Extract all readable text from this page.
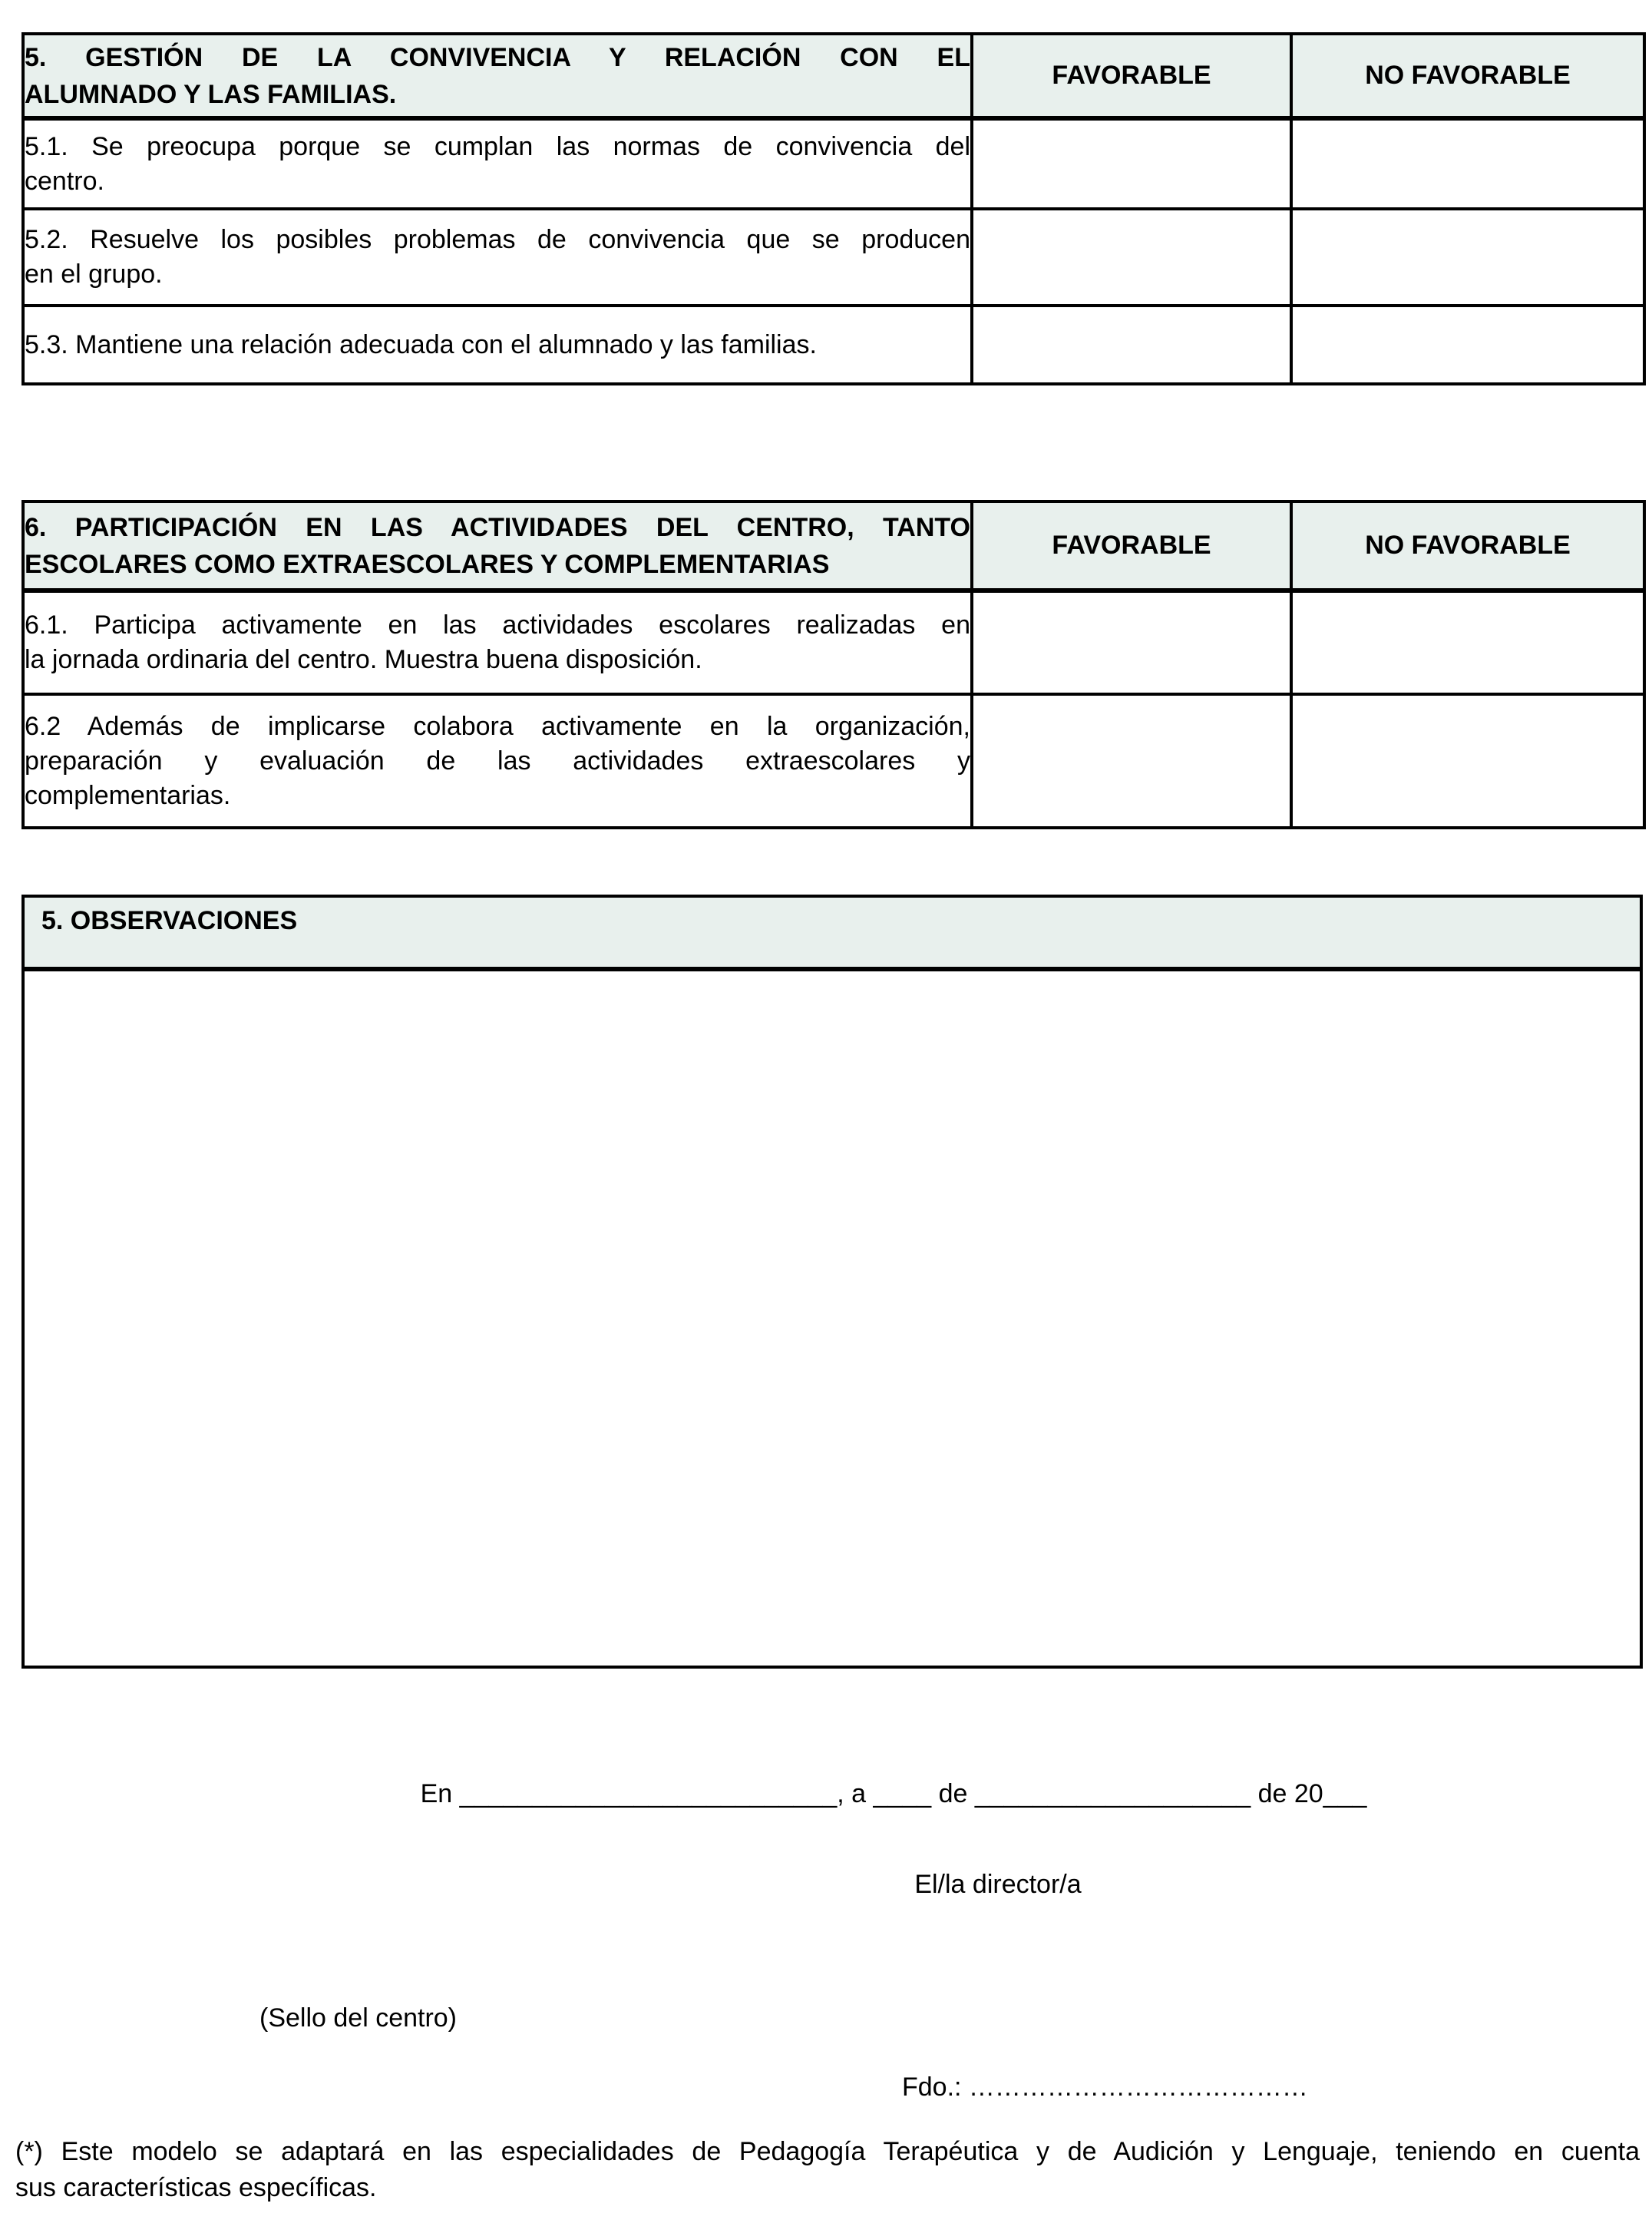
5. GESTIÓN DE LA CONVIVENCIA Y RELACIÓN CON EL
ALUMNADO Y LAS FAMILIAS.	FAVORABLE	NO FAVORABLE

5.1. Se preocupa porque se cumplan las normas de convivencia del
centro.		

5.2. Resuelve los posibles problemas de convivencia que se producen
en el grupo.		

5.3. Mantiene una relación adecuada con el alumnado y las familias.		

6. PARTICIPACIÓN EN LAS ACTIVIDADES DEL CENTRO, TANTO
ESCOLARES COMO EXTRAESCOLARES Y COMPLEMENTARIAS	FAVORABLE	NO FAVORABLE

6.1. Participa activamente en las actividades escolares realizadas en
la jornada ordinaria del centro. Muestra buena disposición.		

6.2 Además de implicarse colabora activamente en la organización,
preparación y evaluación de las actividades extraescolares y
complementarias.		

5. OBSERVACIONES
En __________________________, a ____ de ___________________ de 20___
El/la director/a
(Sello del centro)
Fdo.: …………………………………
(*) Este modelo se adaptará en las especialidades de Pedagogía Terapéutica y de Audición y Lenguaje, teniendo en cuenta
sus características específicas.
